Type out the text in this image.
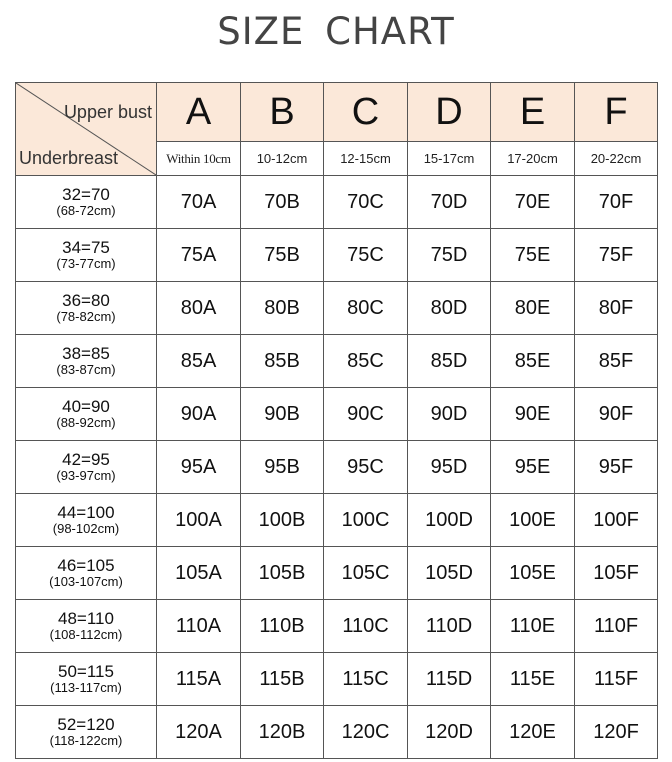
SIZE CHART
Upper bust
Underbreast	A	B	C	D	E	F
	Within 10cm	10-12cm	12-15cm	15-17cm	17-20cm	20-22cm

32=70
(68-72cm)	70A	70B	70C	70D	70E	70F

34=75
(73-77cm)	75A	75B	75C	75D	75E	75F

36=80
(78-82cm)	80A	80B	80C	80D	80E	80F

38=85
(83-87cm)	85A	85B	85C	85D	85E	85F

40=90
(88-92cm)	90A	90B	90C	90D	90E	90F

42=95
(93-97cm)	95A	95B	95C	95D	95E	95F

44=100
(98-102cm)	100A	100B	100C	100D	100E	100F

46=105
(103-107cm)	105A	105B	105C	105D	105E	105F

48=110
(108-112cm)	110A	110B	110C	110D	110E	110F

50=115
(113-117cm)	115A	115B	115C	115D	115E	115F

52=120
(118-122cm)	120A	120B	120C	120D	120E	120F
